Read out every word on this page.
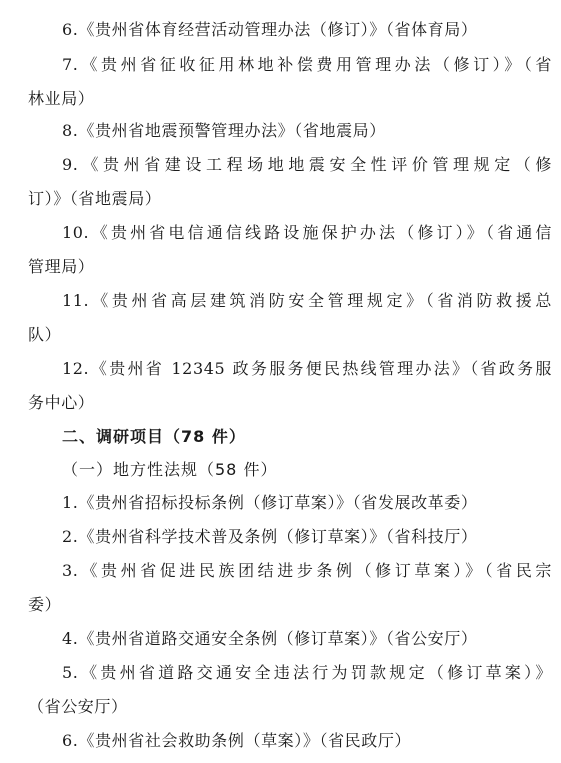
6.《贵州省体育经营活动管理办法（修订）》（省体育局）
7.《贵州省征收征用林地补偿费用管理办法（修订）》（省
林业局）
8.《贵州省地震预警管理办法》（省地震局）
9.《贵州省建设工程场地地震安全性评价管理规定（修
订）》（省地震局）
10.《贵州省电信通信线路设施保护办法（修订）》（省通信
管理局）
11.《贵州省高层建筑消防安全管理规定》（省消防救援总
队）
12.《贵州省 12345 政务服务便民热线管理办法》（省政务服
务中心）
二、调研项目（78 件）
（一）地方性法规（58 件）
1.《贵州省招标投标条例（修订草案）》（省发展改革委）
2.《贵州省科学技术普及条例（修订草案）》（省科技厅）
3.《贵州省促进民族团结进步条例（修订草案）》（省民宗
委）
4.《贵州省道路交通安全条例（修订草案）》（省公安厅）
5.《贵州省道路交通安全违法行为罚款规定（修订草案）》
（省公安厅）
6.《贵州省社会救助条例（草案）》（省民政厅）
